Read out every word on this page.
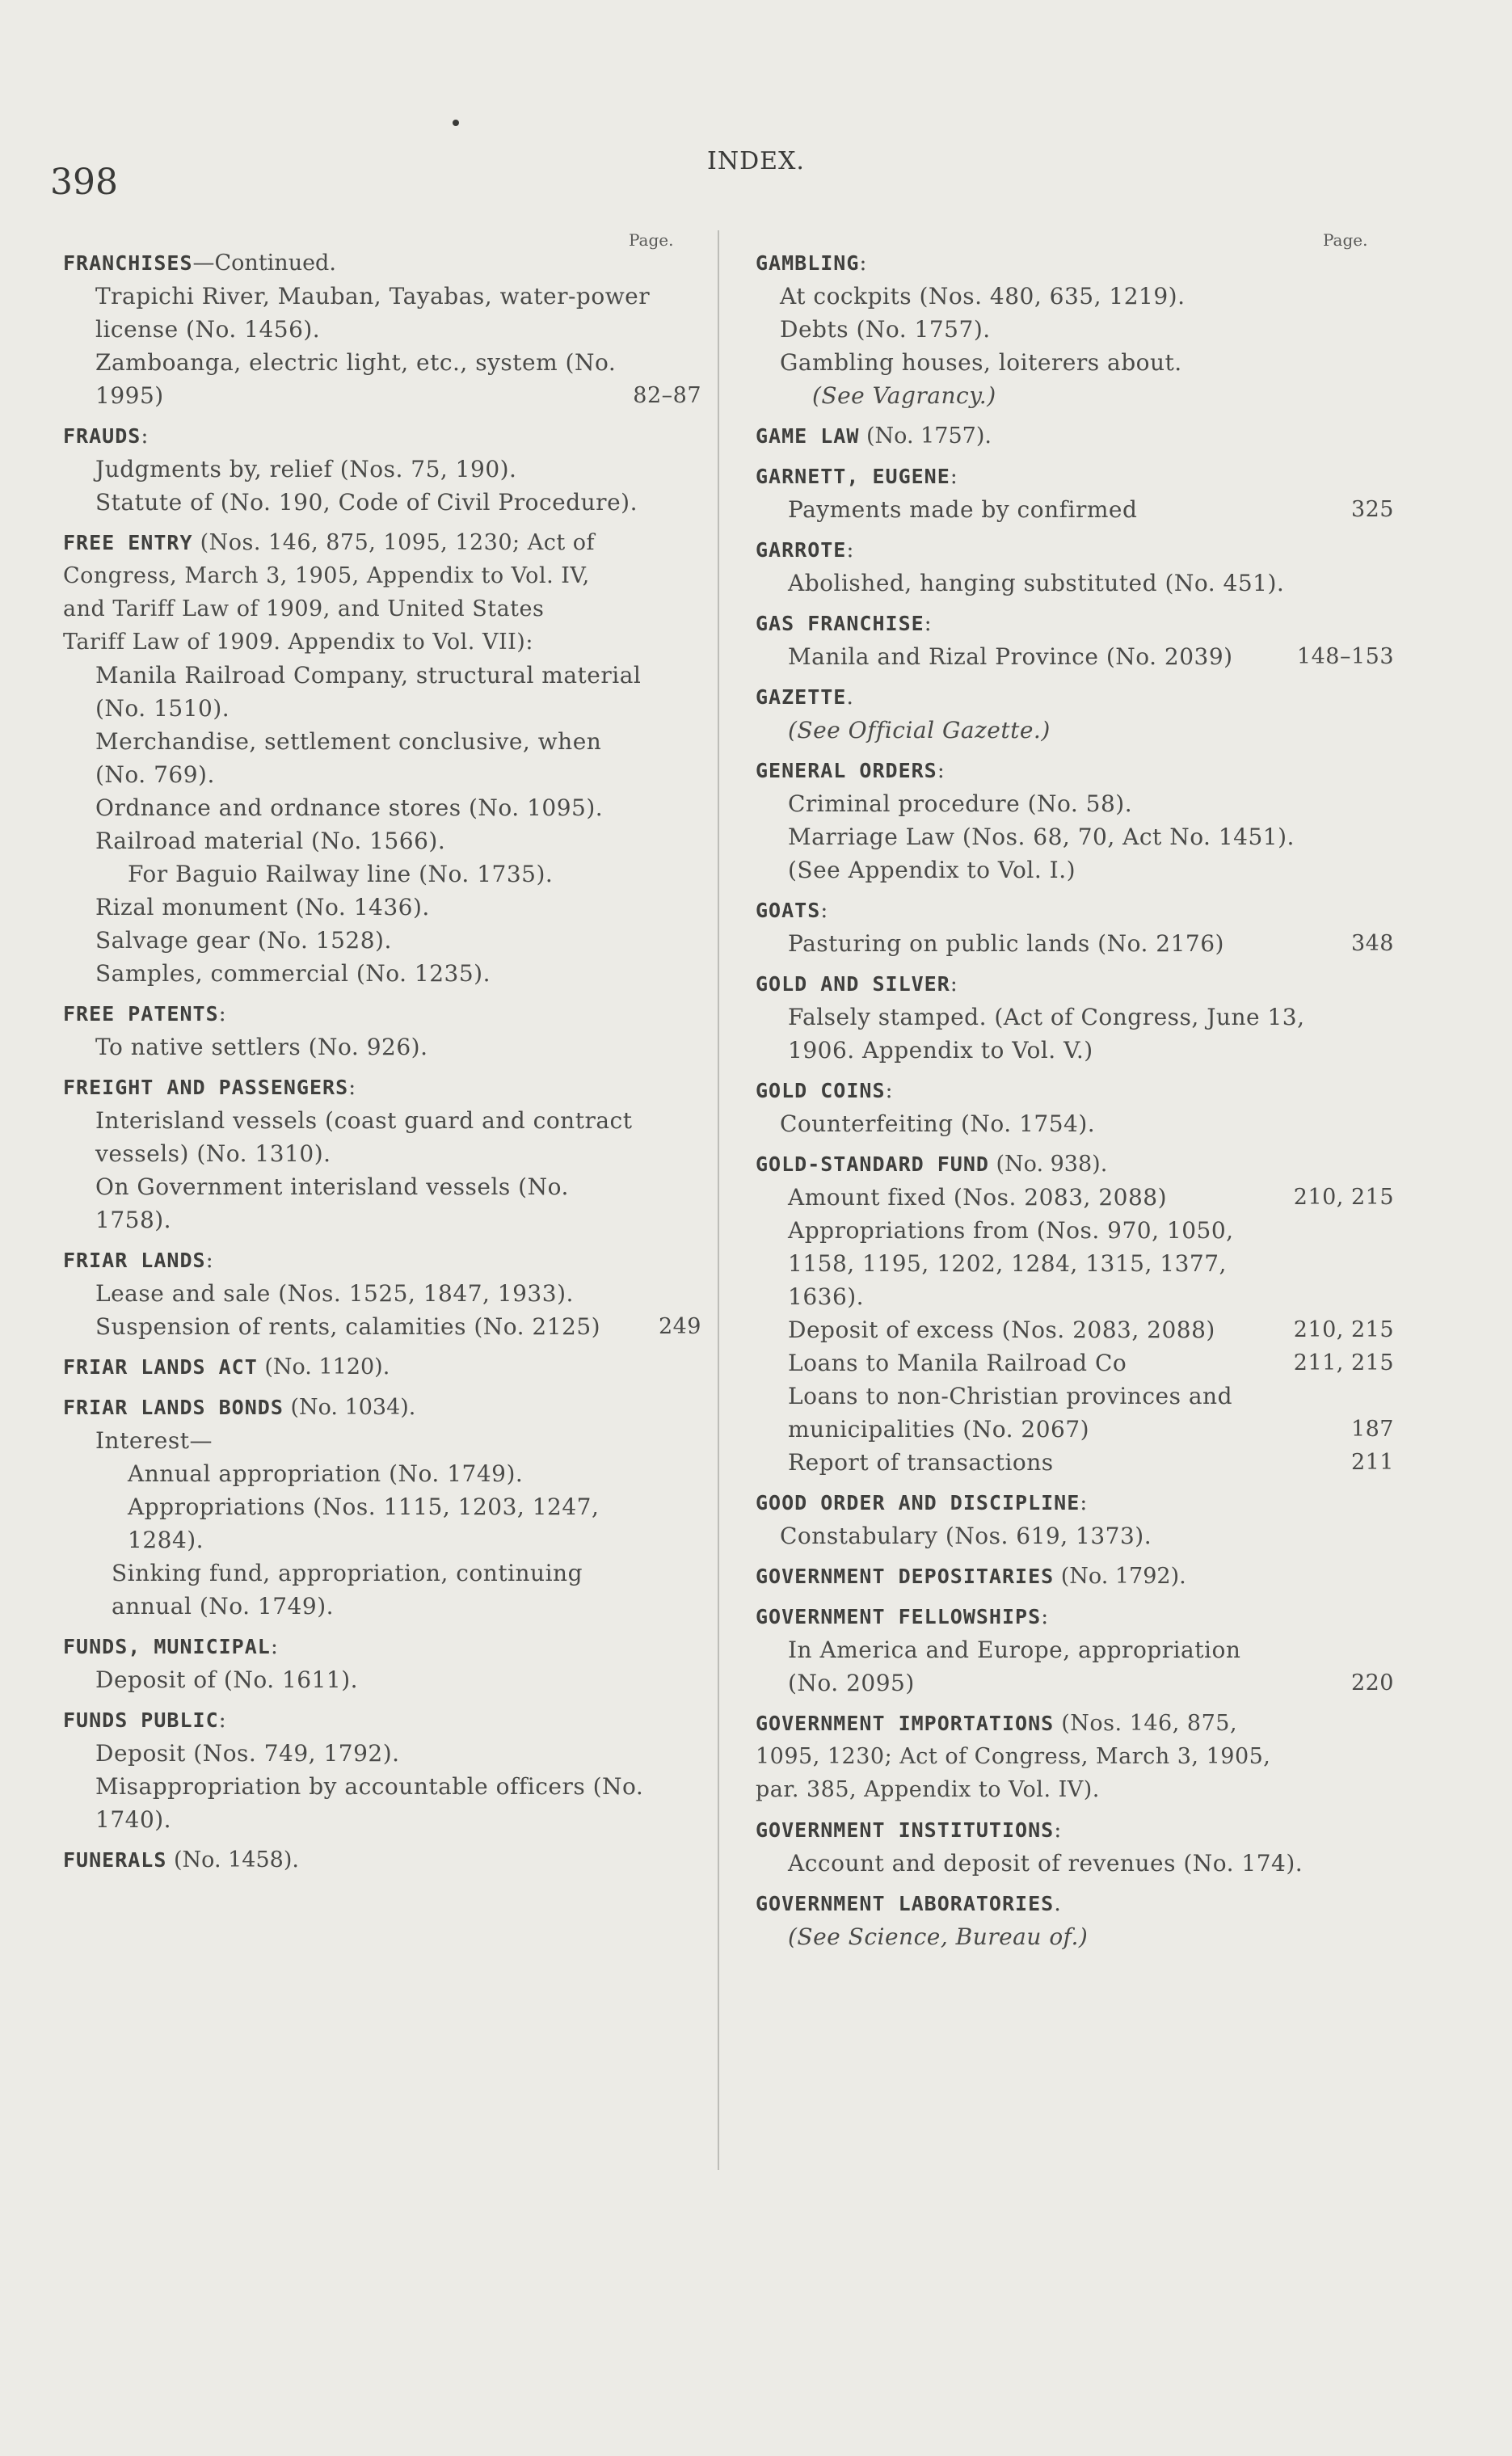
398
INDEX.
Page.	Page.
FRANCHISES—Continued.
Trapichi River, Mauban, Tayabas, water-power license (No. 1456).
Zamboanga, electric light, etc., system (No. 1995)	82–87
FRAUDS:
Judgments by, relief (Nos. 75, 190).
Statute of (No. 190, Code of Civil Procedure).
FREE ENTRY (Nos. 146, 875, 1095, 1230; Act of Congress, March 3, 1905, Appendix to Vol. IV, and Tariff Law of 1909, and United States Tariff Law of 1909. Appendix to Vol. VII):
Manila Railroad Company, structural material (No. 1510).
Merchandise, settlement conclusive, when (No. 769).
Ordnance and ordnance stores (No. 1095).
Railroad material (No. 1566).
For Baguio Railway line (No. 1735).
Rizal monument (No. 1436).
Salvage gear (No. 1528).
Samples, commercial (No. 1235).
FREE PATENTS:
To native settlers (No. 926).
FREIGHT AND PASSENGERS:
Interisland vessels (coast guard and contract vessels) (No. 1310).
On Government interisland vessels (No. 1758).
FRIAR LANDS:
Lease and sale (Nos. 1525, 1847, 1933).
Suspension of rents, calamities (No. 2125)	249
FRIAR LANDS ACT (No. 1120).
FRIAR LANDS BONDS (No. 1034).
Interest—
Annual appropriation (No. 1749).
Appropriations (Nos. 1115, 1203, 1247, 1284).
Sinking fund, appropriation, continuing annual (No. 1749).
FUNDS, MUNICIPAL:
Deposit of (No. 1611).
FUNDS PUBLIC:
Deposit (Nos. 749, 1792).
Misappropriation by accountable officers (No. 1740).
FUNERALS (No. 1458).
GAMBLING:
At cockpits (Nos. 480, 635, 1219).
Debts (No. 1757).
Gambling houses, loiterers about.
(See Vagrancy.)
GAME LAW (No. 1757).
GARNETT, EUGENE:
Payments made by confirmed	325
GARROTE:
Abolished, hanging substituted (No. 451).
GAS FRANCHISE:
Manila and Rizal Province (No. 2039)	148–153
GAZETTE.
(See Official Gazette.)
GENERAL ORDERS:
Criminal procedure (No. 58).
Marriage Law (Nos. 68, 70, Act No. 1451). (See Appendix to Vol. I.)
GOATS:
Pasturing on public lands (No. 2176)	348
GOLD AND SILVER:
Falsely stamped. (Act of Congress, June 13, 1906. Appendix to Vol. V.)
GOLD COINS:
Counterfeiting (No. 1754).
GOLD-STANDARD FUND (No. 938).
Amount fixed (Nos. 2083, 2088)	210, 215
Appropriations from (Nos. 970, 1050, 1158, 1195, 1202, 1284, 1315, 1377, 1636).
Deposit of excess (Nos. 2083, 2088)	210, 215
Loans to Manila Railroad Co	211, 215
Loans to non-Christian provinces and municipalities (No. 2067)	187
Report of transactions	211
GOOD ORDER AND DISCIPLINE:
Constabulary (Nos. 619, 1373).
GOVERNMENT DEPOSITARIES (No. 1792).
GOVERNMENT FELLOWSHIPS:
In America and Europe, appropriation (No. 2095)	220
GOVERNMENT IMPORTATIONS (Nos. 146, 875, 1095, 1230; Act of Congress, March 3, 1905, par. 385, Appendix to Vol. IV).
GOVERNMENT INSTITUTIONS:
Account and deposit of revenues (No. 174).
GOVERNMENT LABORATORIES.
(See Science, Bureau of.)
